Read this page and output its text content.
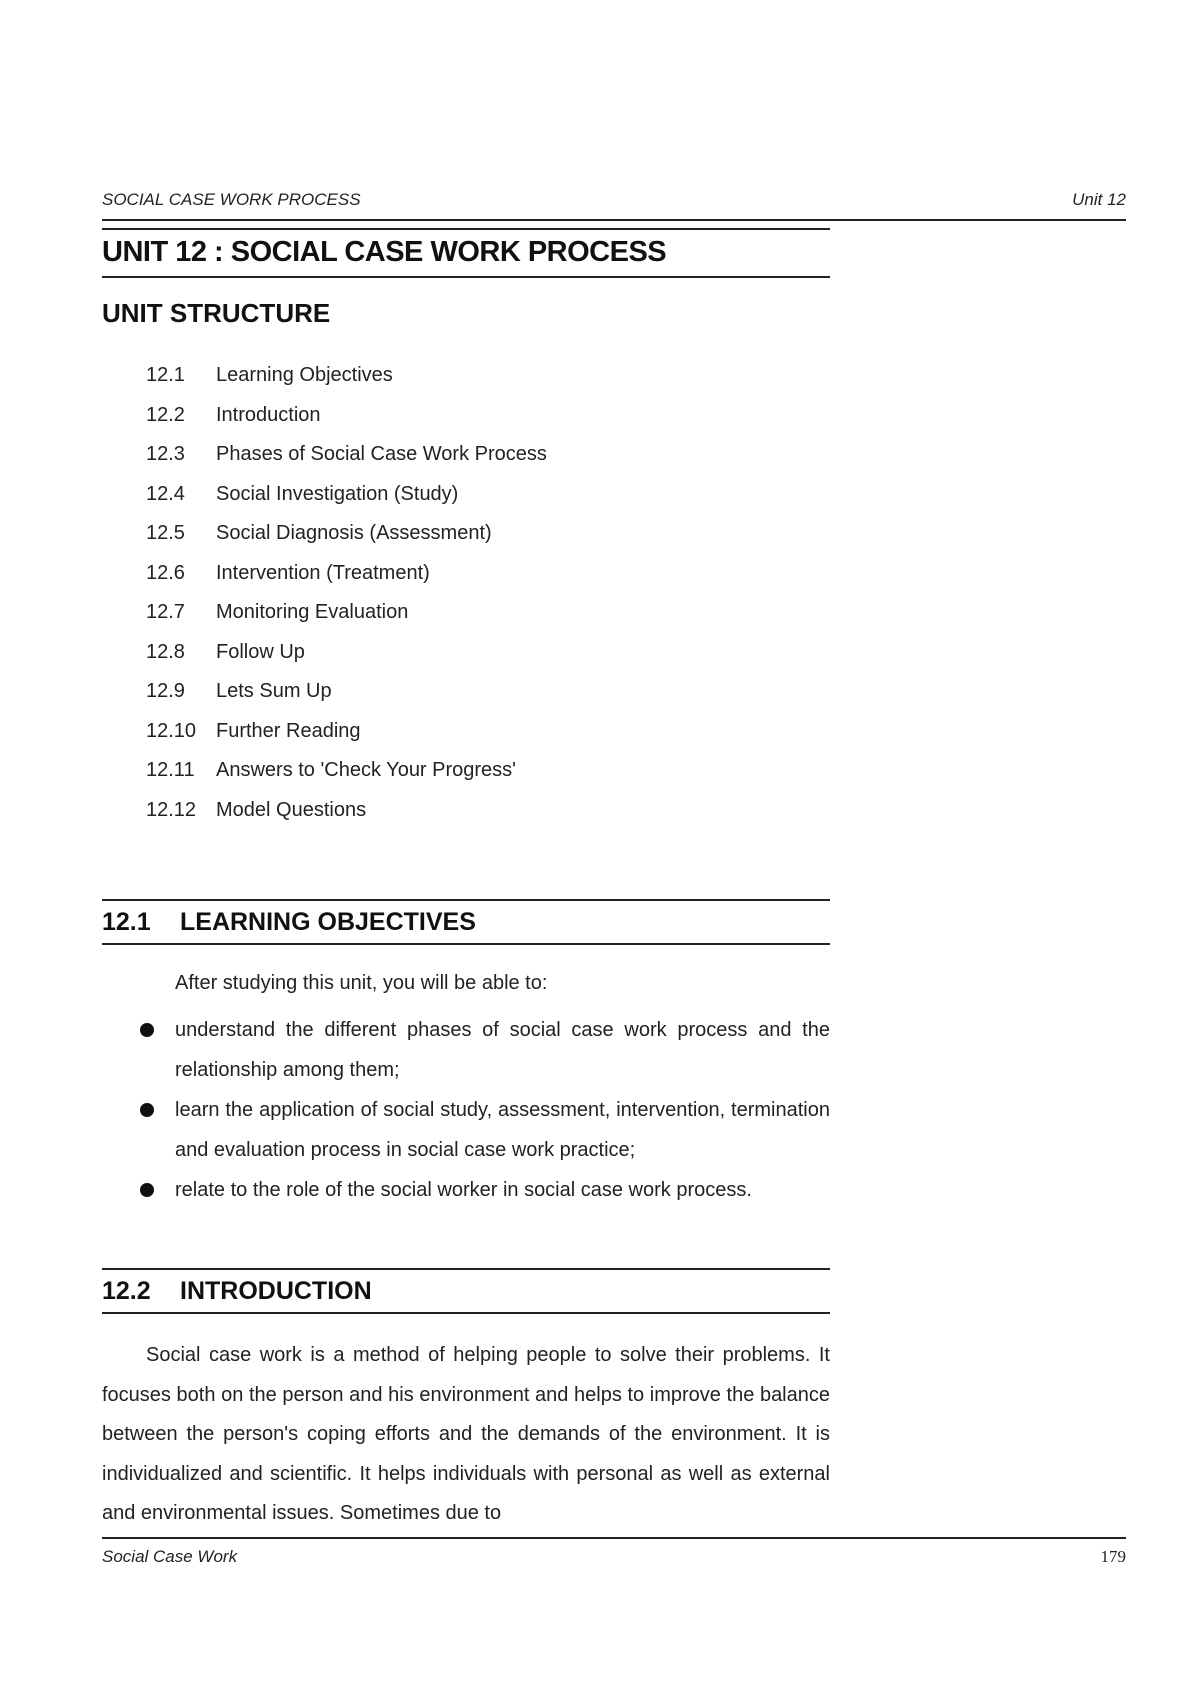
SOCIAL CASE WORK PROCESS	Unit 12
UNIT 12 : SOCIAL CASE WORK PROCESS
UNIT STRUCTURE
12.1 Learning Objectives
12.2 Introduction
12.3 Phases of Social Case Work Process
12.4 Social Investigation (Study)
12.5 Social Diagnosis (Assessment)
12.6 Intervention (Treatment)
12.7 Monitoring Evaluation
12.8 Follow Up
12.9 Lets Sum Up
12.10 Further Reading
12.11 Answers to 'Check Your Progress'
12.12 Model Questions
12.1 LEARNING OBJECTIVES
After studying this unit, you will be able to:
understand the different phases of social case work process and the relationship among them;
learn the application of social study, assessment, intervention, termination and evaluation process in social case work practice;
relate to the role of the social worker in social case work process.
12.2 INTRODUCTION

Social case work is a method of helping people to solve their problems. It focuses both on the person and his environment and helps to improve the balance between the person's coping efforts and the demands of the environment. It is individualized and scientific. It helps individuals with personal as well as external and environmental issues. Sometimes due to

Social Case Work	179
